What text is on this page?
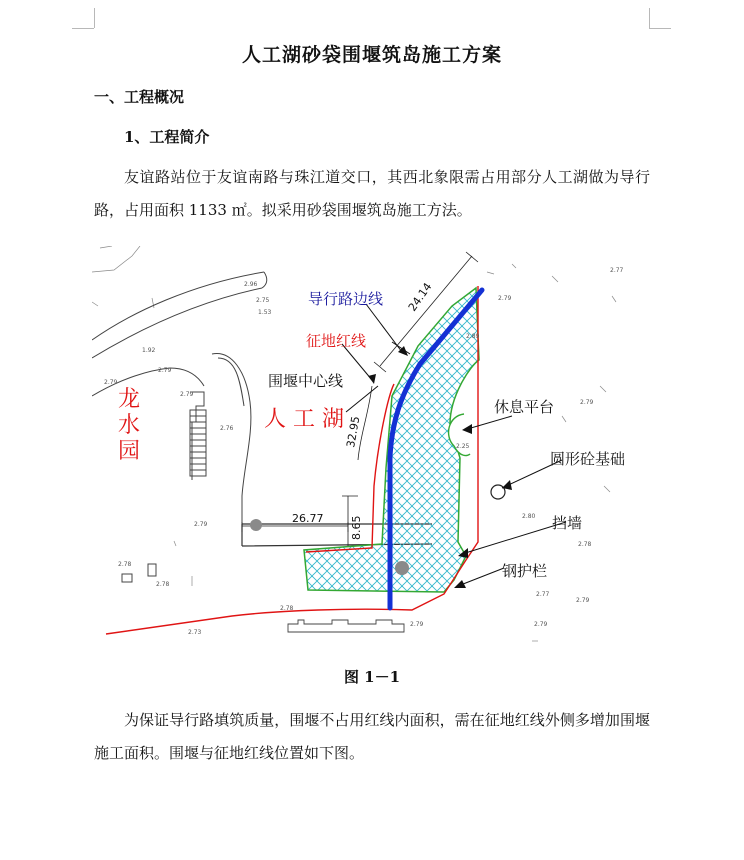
人工湖砂袋围堰筑岛施工方案
一、工程概况
1、工程简介

友谊路站位于友谊南路与珠江道交口，其西北象限需占用部分人工湖做为导行路，占用面积 1133 ㎡。拟采用砂袋围堰筑岛施工方法。

24.14
32.95
26.77 8.65
导行路边线
征地红线
围堰中心线
休息平台
圆形砼基础
挡墙
钢护栏
人 工 湖
龙
水
园
2.96
2.75
1.53
1.92
2.79
2.79
2.79
2.76
2.77
2.79
2.89
2.79
2.25
2.80
2.79
2.78
2.78
2.78
2.79
2.79
2.79
2.73
2.77
2.78
图 1－1

为保证导行路填筑质量，围堰不占用红线内面积，需在征地红线外侧多增加围堰施工面积。围堰与征地红线位置如下图。
